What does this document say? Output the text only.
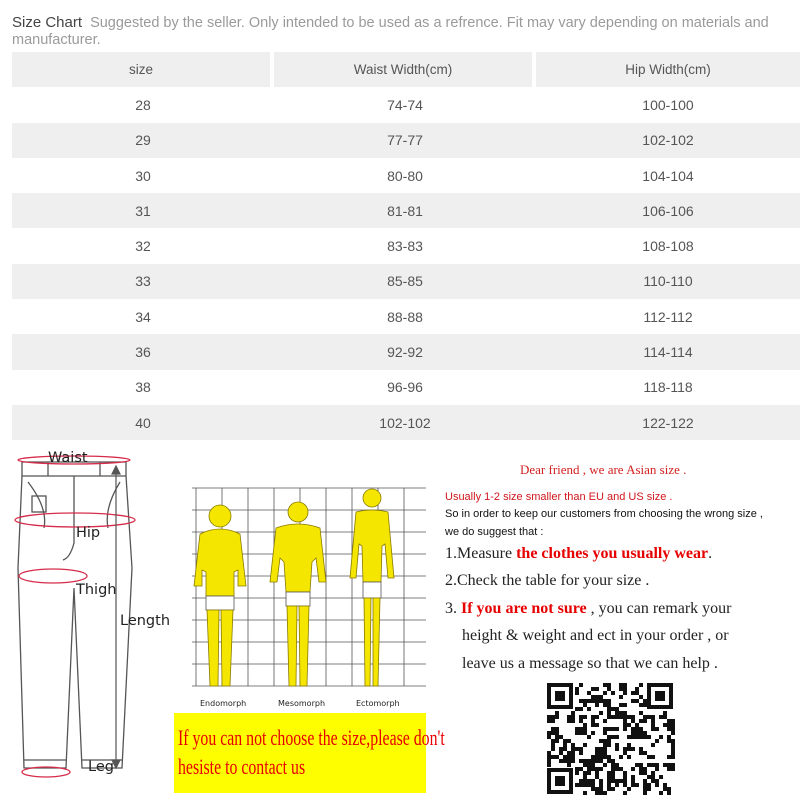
Size Chart Suggested by the seller. Only intended to be used as a refrence. Fit may vary depending on materials and manufacturer.
size	Waist Width(cm)	Hip Width(cm)
28	74-74	100-100
29	77-77	102-102
30	80-80	104-104
31	81-81	106-106
32	83-83	108-108
33	85-85	110-110
34	88-88	112-112
36	92-92	114-114
38	96-96	118-118
40	102-102	122-122
Waist
Hip
Thigh
Length
Leg
Endomorph	Mesomorph	Ectomorph
If you can not choose the size,please don't
hesiste to contact us
Dear friend , we are Asian size .
Usually 1-2 size smaller than EU and US size .
So in order to keep our customers from choosing the wrong size ,
we do suggest that :
1.Measure the clothes you usually wear.
2.Check the table for your size .
3. If you are not sure , you can remark your
height & weight and ect in your order , or
leave us a message so that we can help .
